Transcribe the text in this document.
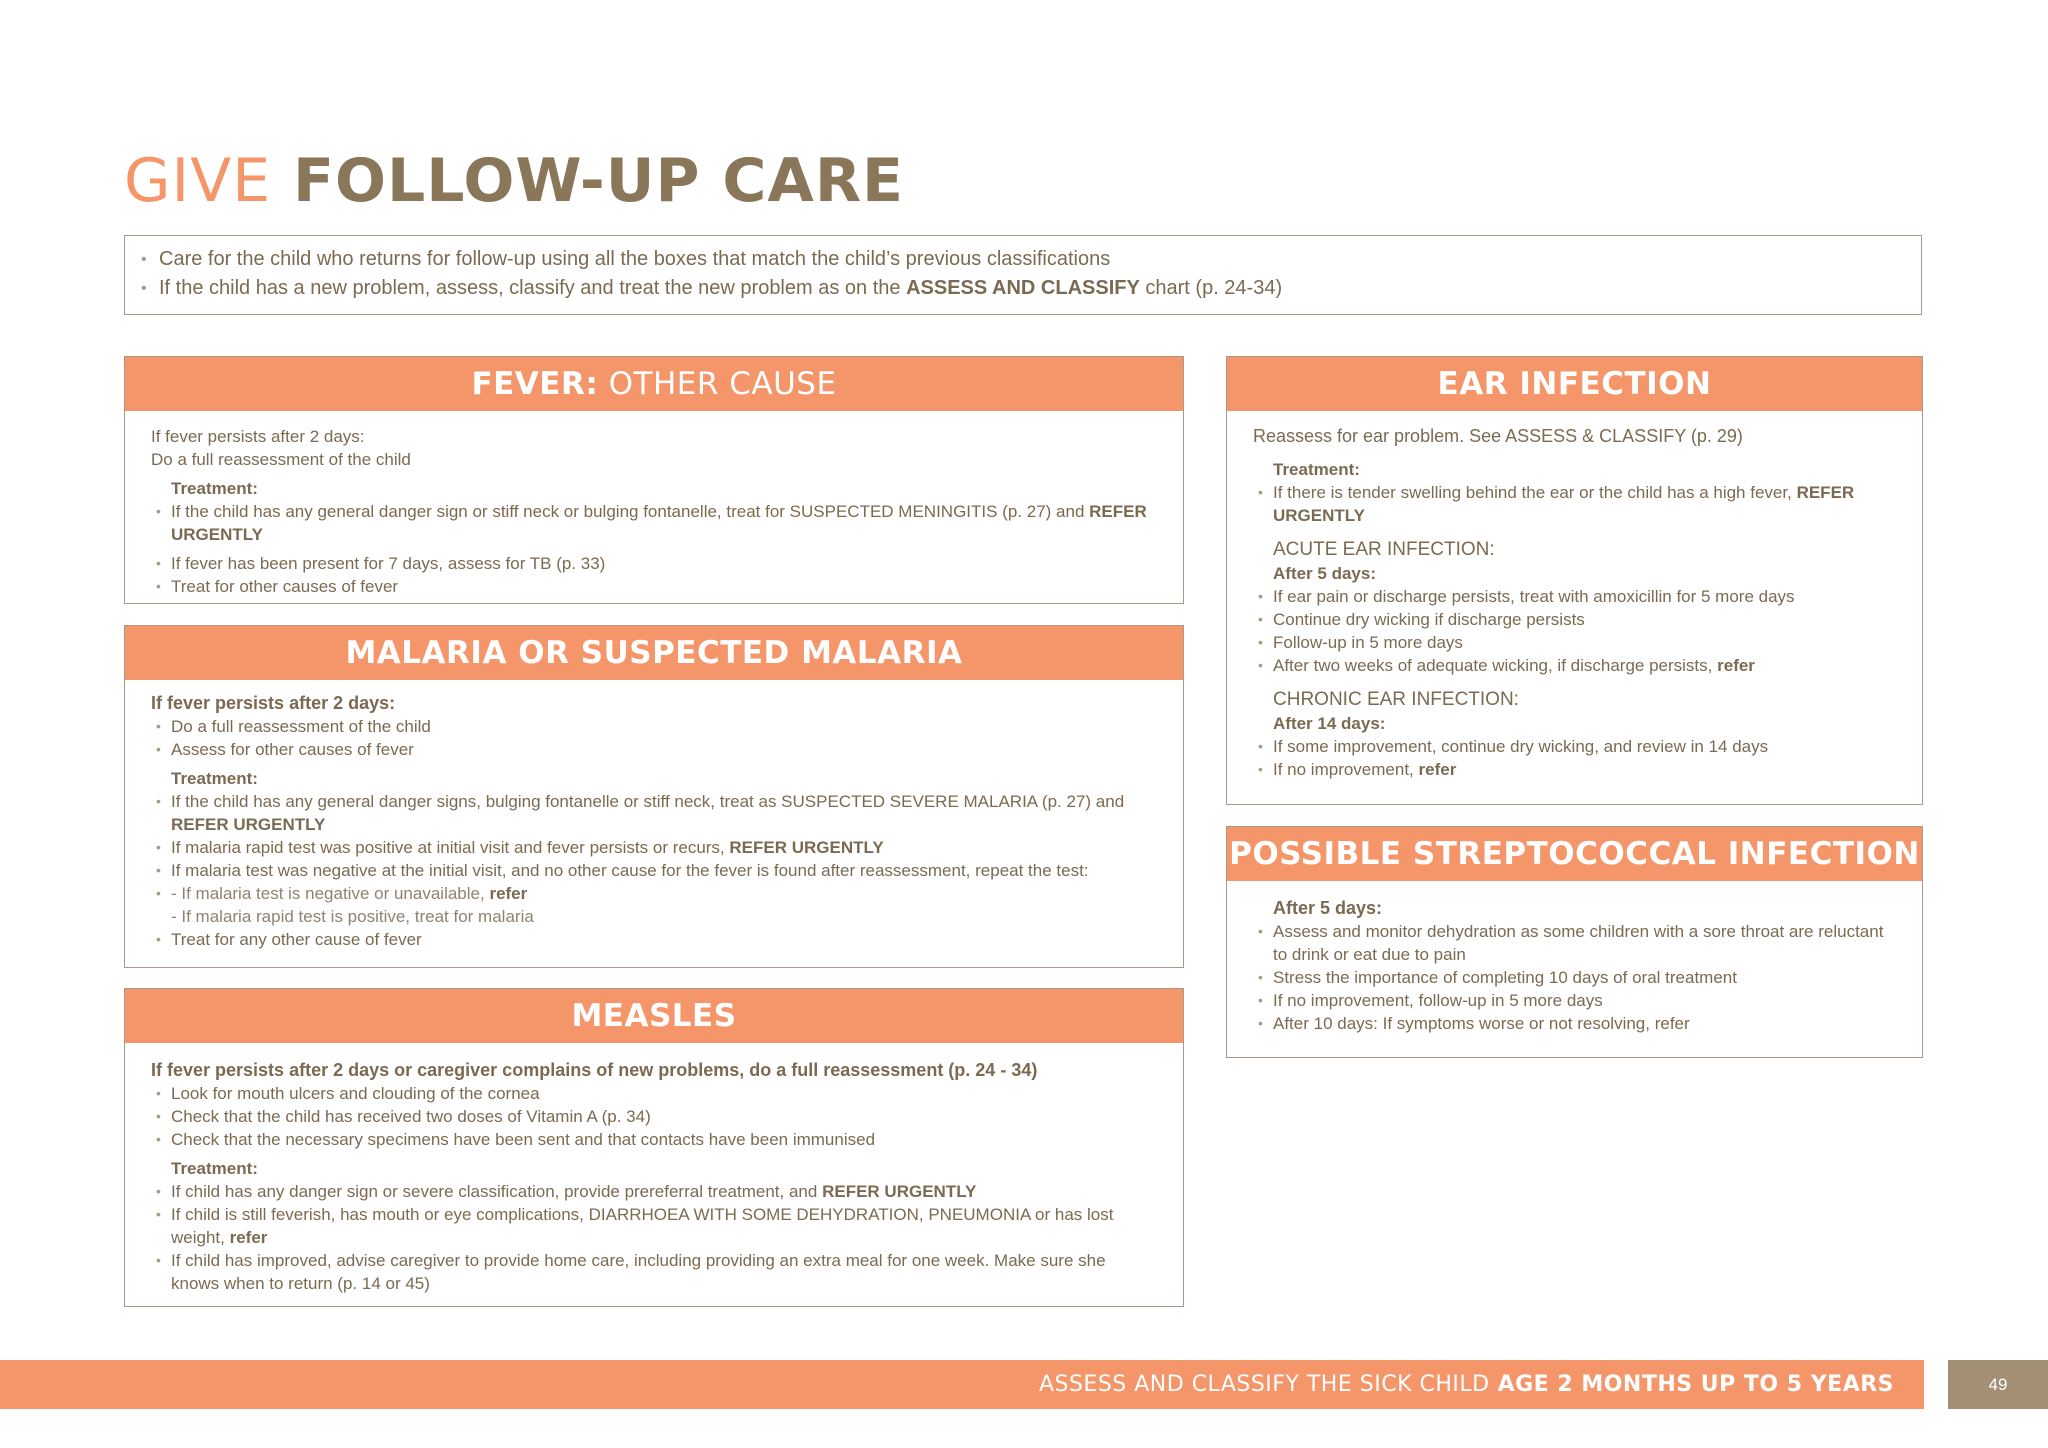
GIVE FOLLOW-UP CARE
• Care for the child who returns for follow-up using all the boxes that match the child’s previous classifications
• If the child has a new problem, assess, classify and treat the new problem as on the ASSESS AND CLASSIFY chart (p. 24-34)
FEVER:
OTHER CAUSE

If fever persists after 2 days:

Do a full reassessment of the child

Treatment:

• If the child has any general danger sign or stiff neck or bulging fontanelle, treat for SUSPECTED MENINGITIS (p. 27) and REFER URGENTLY
• If fever has been present for 7 days, assess for TB (p. 33)
• Treat for other causes of fever
MALARIA OR SUSPECTED MALARIA

If fever persists after 2 days:

• Do a full reassessment of the child
• Assess for other causes of fever

Treatment:

• If the child has any general danger signs, bulging fontanelle or stiff neck, treat as SUSPECTED SEVERE MALARIA (p. 27) and REFER URGENTLY
• If malaria rapid test was positive at initial visit and fever persists or recurs, REFER URGENTLY
• If malaria test was negative at the initial visit, and no other cause for the fever is found after reassessment, repeat the test:
• - If malaria test is negative or unavailable, refer
- If malaria rapid test is positive, treat for malaria
• Treat for any other cause of fever
MEASLES

If fever persists after 2 days or caregiver complains of new problems, do a full reassessment (p. 24 - 34)

• Look for mouth ulcers and clouding of the cornea
• Check that the child has received two doses of Vitamin A (p. 34)
• Check that the necessary specimens have been sent and that contacts have been immunised

Treatment:

• If child has any danger sign or severe classification, provide prereferral treatment, and REFER URGENTLY
• If child is still feverish, has mouth or eye complications, DIARRHOEA WITH SOME DEHYDRATION, PNEUMONIA or has lost weight, refer
• If child has improved, advise caregiver to provide home care, including providing an extra meal for one week. Make sure she knows when to return (p. 14 or 45)
EAR INFECTION

Reassess for ear problem. See ASSESS & CLASSIFY (p. 29)

Treatment:

• If there is tender swelling behind the ear or the child has a high fever, REFER URGENTLY

ACUTE EAR INFECTION:

After 5 days:

• If ear pain or discharge persists, treat with amoxicillin for 5 more days
• Continue dry wicking if discharge persists
• Follow-up in 5 more days
• After two weeks of adequate wicking, if discharge persists, refer

CHRONIC EAR INFECTION:

After 14 days:

• If some improvement, continue dry wicking, and review in 14 days
• If no improvement, refer
POSSIBLE STREPTOCOCCAL INFECTION

After 5 days:

• Assess and monitor dehydration as some children with a sore throat are reluctant to drink or eat due to pain
• Stress the importance of completing 10 days of oral treatment
• If no improvement, follow-up in 5 more days
• After 10 days: If symptoms worse or not resolving, refer
ASSESS AND CLASSIFY THE SICK CHILD AGE 2 MONTHS UP TO 5 YEARS	49
